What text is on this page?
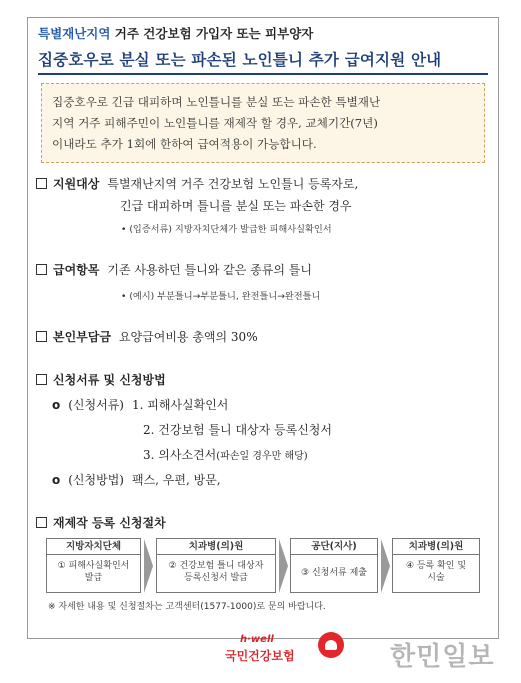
특별재난지역 거주 건강보험 가입자 또는 피부양자
집중호우로 분실 또는 파손된 노인틀니 추가 급여지원 안내
집중호우로 긴급 대피하며 노인틀니를 분실 또는 파손한 특별재난
지역 거주 피해주민이 노인틀니를 재제작 할 경우, 교체기간(7년)
이내라도 추가 1회에 한하여 급여적용이 가능합니다.
지원대상 특별재난지역 거주 건강보험 노인틀니 등록자로,
긴급 대피하며 틀니를 분실 또는 파손한 경우
• (입증서류) 지방자치단체가 발급한 피해사실확인서
급여항목 기존 사용하던 틀니와 같은 종류의 틀니
• (예시) 부분틀니→부분틀니, 완전틀니→완전틀니
본인부담금 요양급여비용 총액의 30%
신청서류 및 신청방법
o (신청서류) 1. 피해사실확인서
2. 건강보험 틀니 대상자 등록신청서
3. 의사소견서(파손일 경우만 해당)
o (신청방법) 팩스, 우편, 방문,
재제작 등록 신청절차
지방자치단체
① 피해사실확인서
발급
치과병(의)원
② 건강보험 틀니 대상자
등록신청서 발급
공단(지사)
③ 신청서류 제출
치과병(의)원
④ 등록 확인 및
시술
※ 자세한 내용 및 신청절차는 고객센터(1577-1000)로 문의 바랍니다.
h·well
국민건강보험	한민일보
